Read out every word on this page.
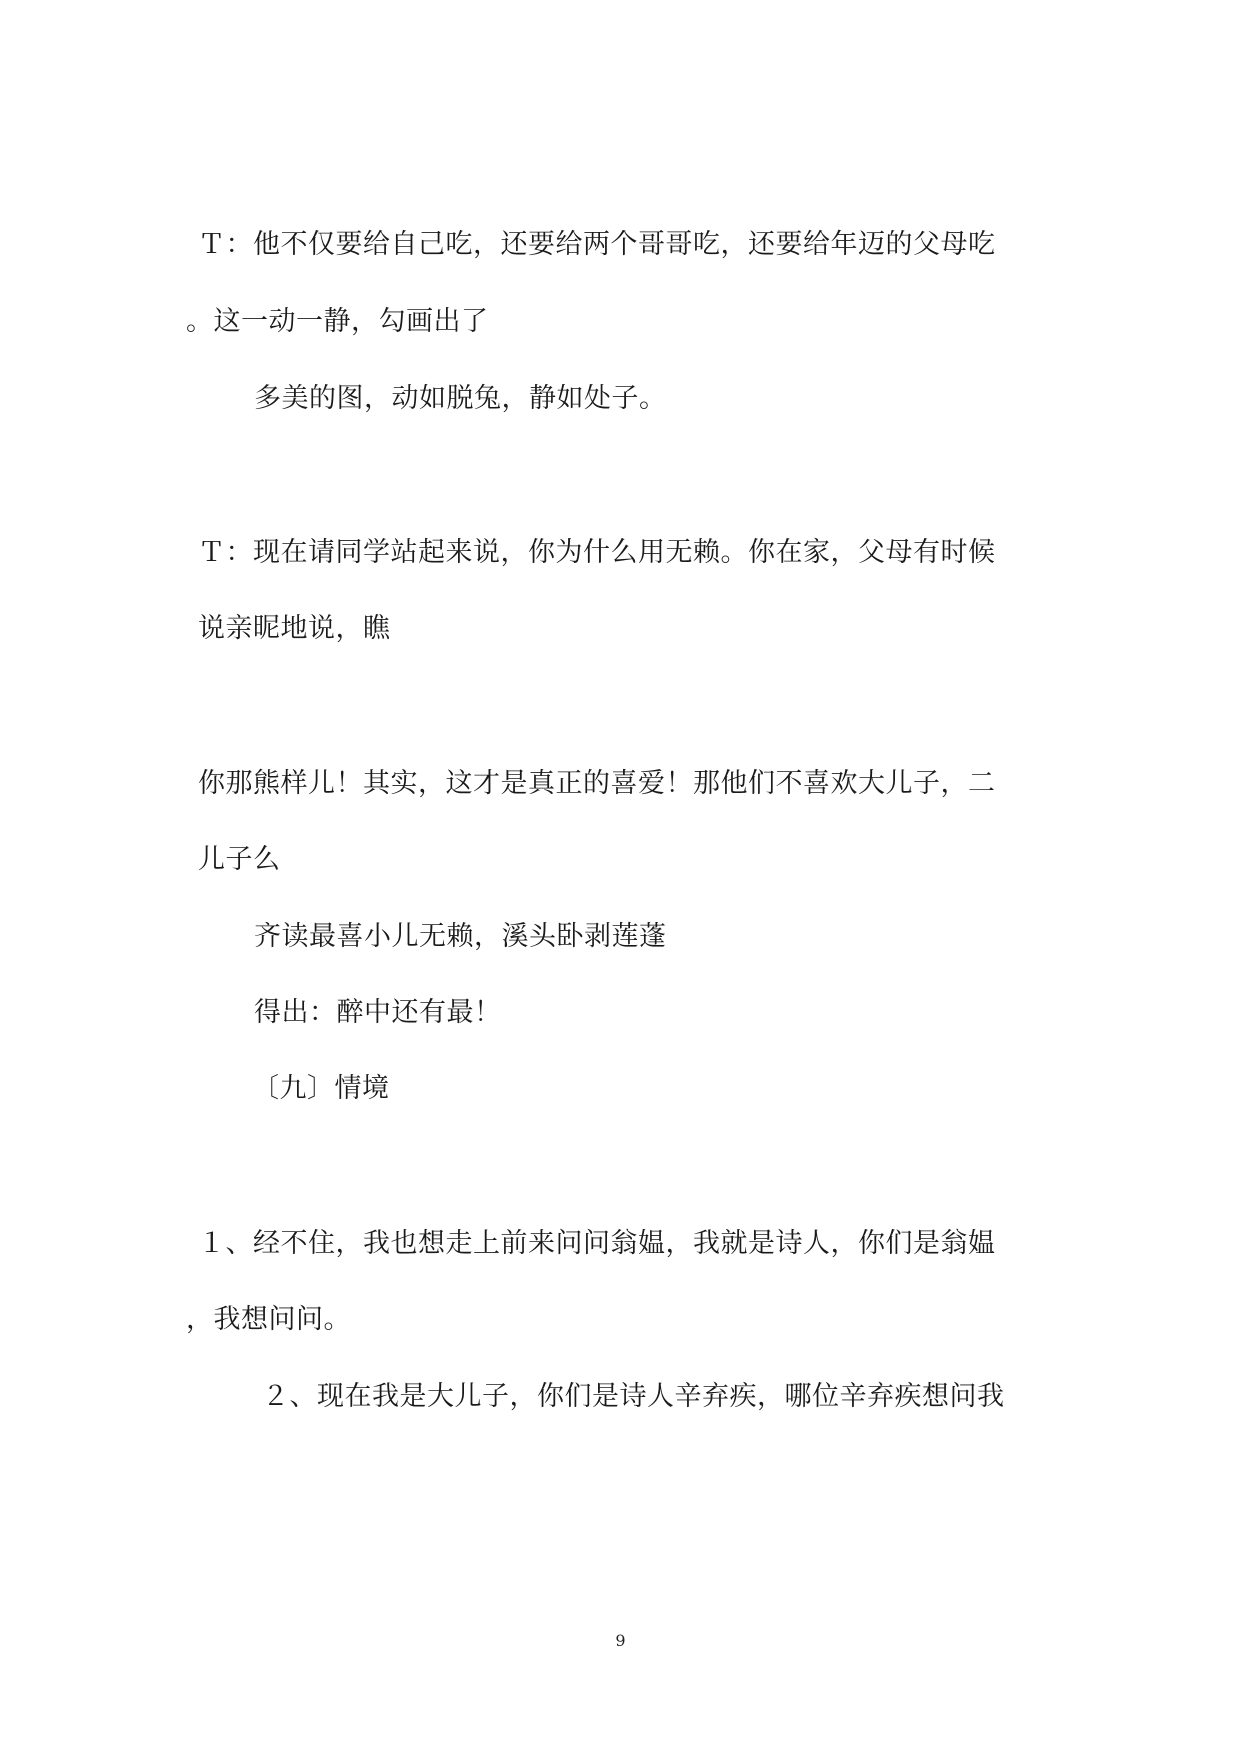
Ｔ：他不仅要给自己吃，还要给两个哥哥吃，还要给年迈的父母吃
。这一动一静，勾画出了
多美的图，动如脱兔，静如处子。
Ｔ：现在请同学站起来说，你为什么用无赖。你在家，父母有时候
说亲昵地说，瞧
你那熊样儿！其实，这才是真正的喜爱！那他们不喜欢大儿子，二
儿子么
齐读最喜小儿无赖，溪头卧剥莲蓬
得出：醉中还有最！
〔九〕情境
１、经不住，我也想走上前来问问翁媪，我就是诗人，你们是翁媪
，我想问问。
２、现在我是大儿子，你们是诗人辛弃疾，哪位辛弃疾想问我
9
